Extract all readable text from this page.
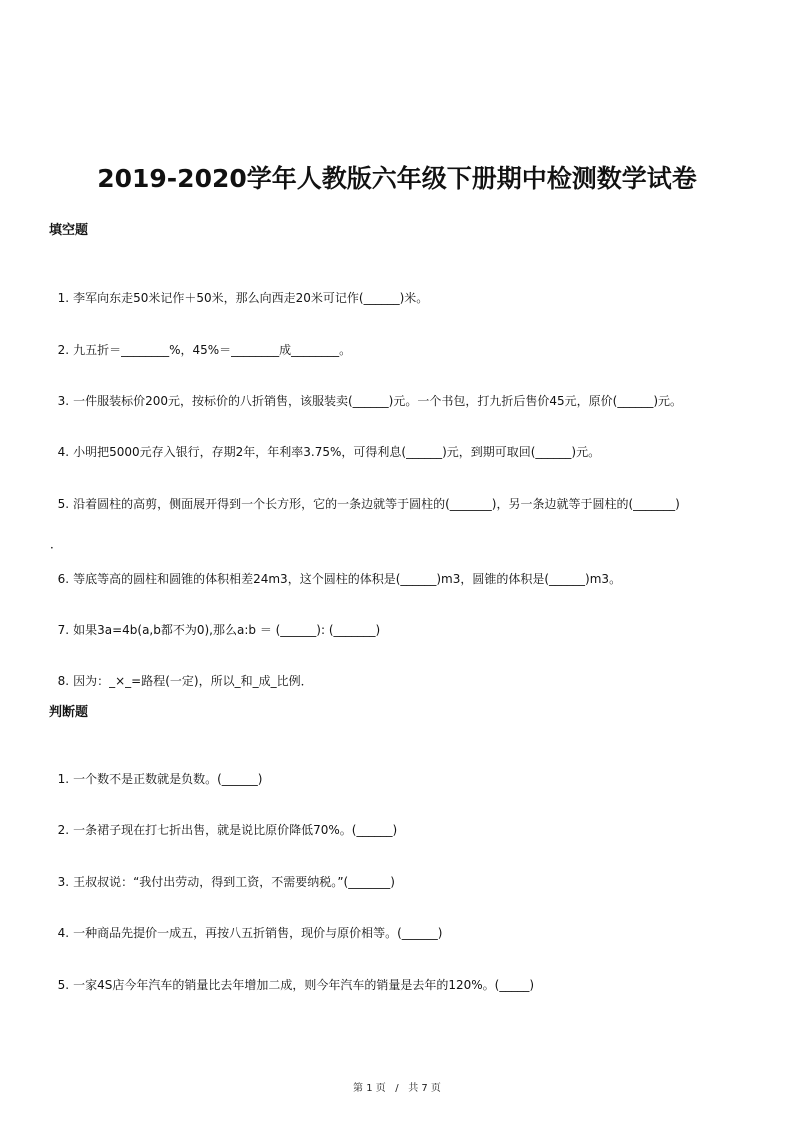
2019-2020学年人教版六年级下册期中检测数学试卷
填空题

1. 李军向东走50米记作＋50米，那么向西走20米可记作(______)米。

2. 九五折＝________%，45%＝________成________。

3. 一件服装标价200元，按标价的八折销售，该服装卖(______)元。一个书包，打九折后售价45元，原价(______)元。

4. 小明把5000元存入银行，存期2年，年利率3.75%，可得利息(______)元，到期可取回(______)元。

5. 沿着圆柱的高剪，侧面展开得到一个长方形，它的一条边就等于圆柱的(_______)，另一条边就等于圆柱的(_______)

．

6. 等底等高的圆柱和圆锥的体积相差24m3，这个圆柱的体积是(______)m3，圆锥的体积是(______)m3。

7. 如果3a=4b(a,b都不为0),那么a:b ＝ (______): (_______)

8. 因为：_×_=路程(一定)，所以_和_成_比例．

判断题

1. 一个数不是正数就是负数。(______)

2. 一条裙子现在打七折出售，就是说比原价降低70%。(______)

3. 王叔叔说：“我付出劳动，得到工资，不需要纳税。”(_______)

4. 一种商品先提价一成五，再按八五折销售，现价与原价相等。(______)

5. 一家4S店今年汽车的销量比去年增加二成，则今年汽车的销量是去年的120%。(_____)

第 1 页   /   共 7 页
